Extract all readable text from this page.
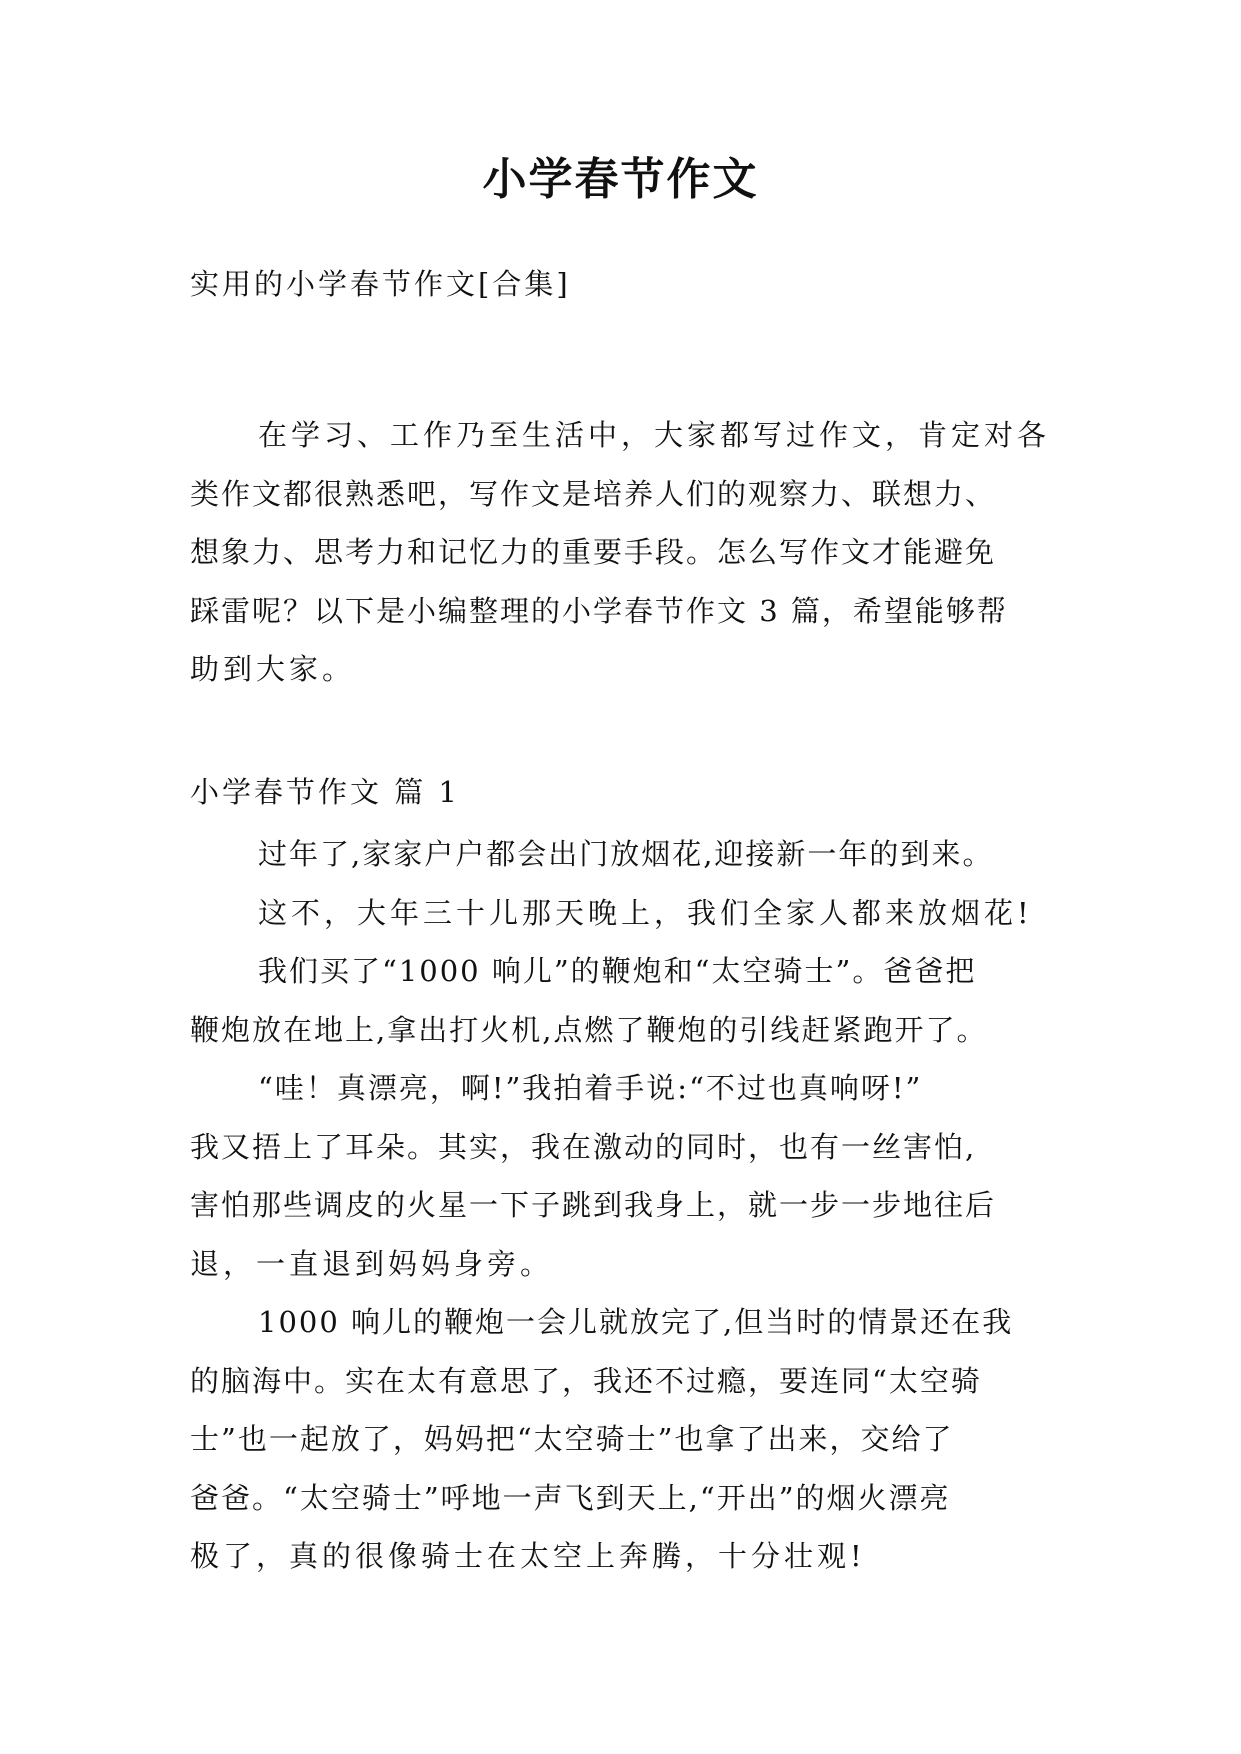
小学春节作文
实用的小学春节作文[合集]
在学习、工作乃至生活中，大家都写过作文，肯定对各
类作文都很熟悉吧，写作文是培养人们的观察力、联想力、
想象力、思考力和记忆力的重要手段。怎么写作文才能避免
踩雷呢？以下是小编整理的小学春节作文 3 篇，希望能够帮
助到大家。
小学春节作文 篇 1
过年了,家家户户都会出门放烟花,迎接新一年的到来。
这不，大年三十儿那天晚上，我们全家人都来放烟花!
我们买了“1000 响儿”的鞭炮和“太空骑士”。爸爸把
鞭炮放在地上,拿出打火机,点燃了鞭炮的引线赶紧跑开了。
“哇！真漂亮，啊!”我拍着手说:“不过也真响呀!”
我又捂上了耳朵。其实，我在激动的同时，也有一丝害怕,
害怕那些调皮的火星一下子跳到我身上，就一步一步地往后
退，一直退到妈妈身旁。
1000 响儿的鞭炮一会儿就放完了,但当时的情景还在我
的脑海中。实在太有意思了，我还不过瘾，要连同“太空骑
士”也一起放了，妈妈把“太空骑士”也拿了出来，交给了
爸爸。“太空骑士”呼地一声飞到天上,“开出”的烟火漂亮
极了，真的很像骑士在太空上奔腾，十分壮观!
